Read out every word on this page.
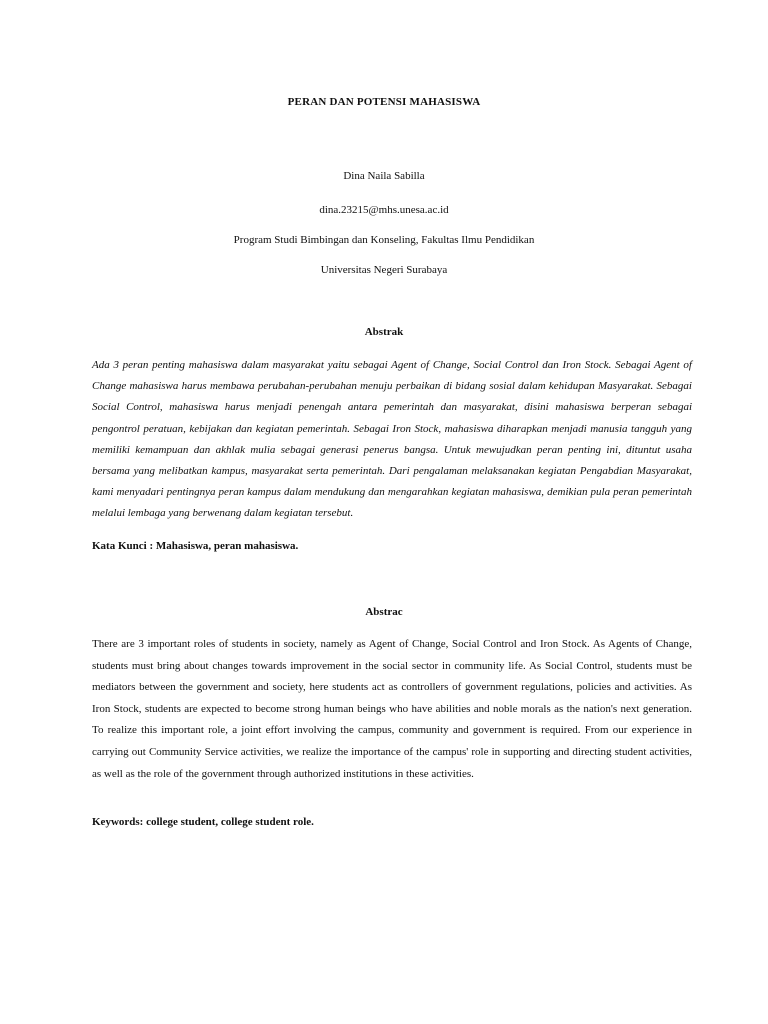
PERAN DAN POTENSI MAHASISWA
Dina Naila Sabilla
dina.23215@mhs.unesa.ac.id
Program Studi Bimbingan dan Konseling, Fakultas Ilmu Pendidikan
Universitas Negeri Surabaya
Abstrak
Ada 3 peran penting mahasiswa dalam masyarakat yaitu sebagai Agent of Change, Social Control dan Iron Stock. Sebagai Agent of Change mahasiswa harus membawa perubahan-perubahan menuju perbaikan di bidang sosial dalam kehidupan Masyarakat. Sebagai Social Control, mahasiswa harus menjadi penengah antara pemerintah dan masyarakat, disini mahasiswa berperan sebagai pengontrol peratuan, kebijakan dan kegiatan pemerintah. Sebagai Iron Stock, mahasiswa diharapkan menjadi manusia tangguh yang memiliki kemampuan dan akhlak mulia sebagai generasi penerus bangsa. Untuk mewujudkan peran penting ini, dituntut usaha bersama yang melibatkan kampus, masyarakat serta pemerintah. Dari pengalaman melaksanakan kegiatan Pengabdian Masyarakat, kami menyadari pentingnya peran kampus dalam mendukung dan mengarahkan kegiatan mahasiswa, demikian pula peran pemerintah melalui lembaga yang berwenang dalam kegiatan tersebut.
Kata Kunci : Mahasiswa, peran mahasiswa.
Abstrac
There are 3 important roles of students in society, namely as Agent of Change, Social Control and Iron Stock. As Agents of Change, students must bring about changes towards improvement in the social sector in community life. As Social Control, students must be mediators between the government and society, here students act as controllers of government regulations, policies and activities. As Iron Stock, students are expected to become strong human beings who have abilities and noble morals as the nation's next generation. To realize this important role, a joint effort involving the campus, community and government is required. From our experience in carrying out Community Service activities, we realize the importance of the campus' role in supporting and directing student activities, as well as the role of the government through authorized institutions in these activities.
Keywords: college student, college student role.
